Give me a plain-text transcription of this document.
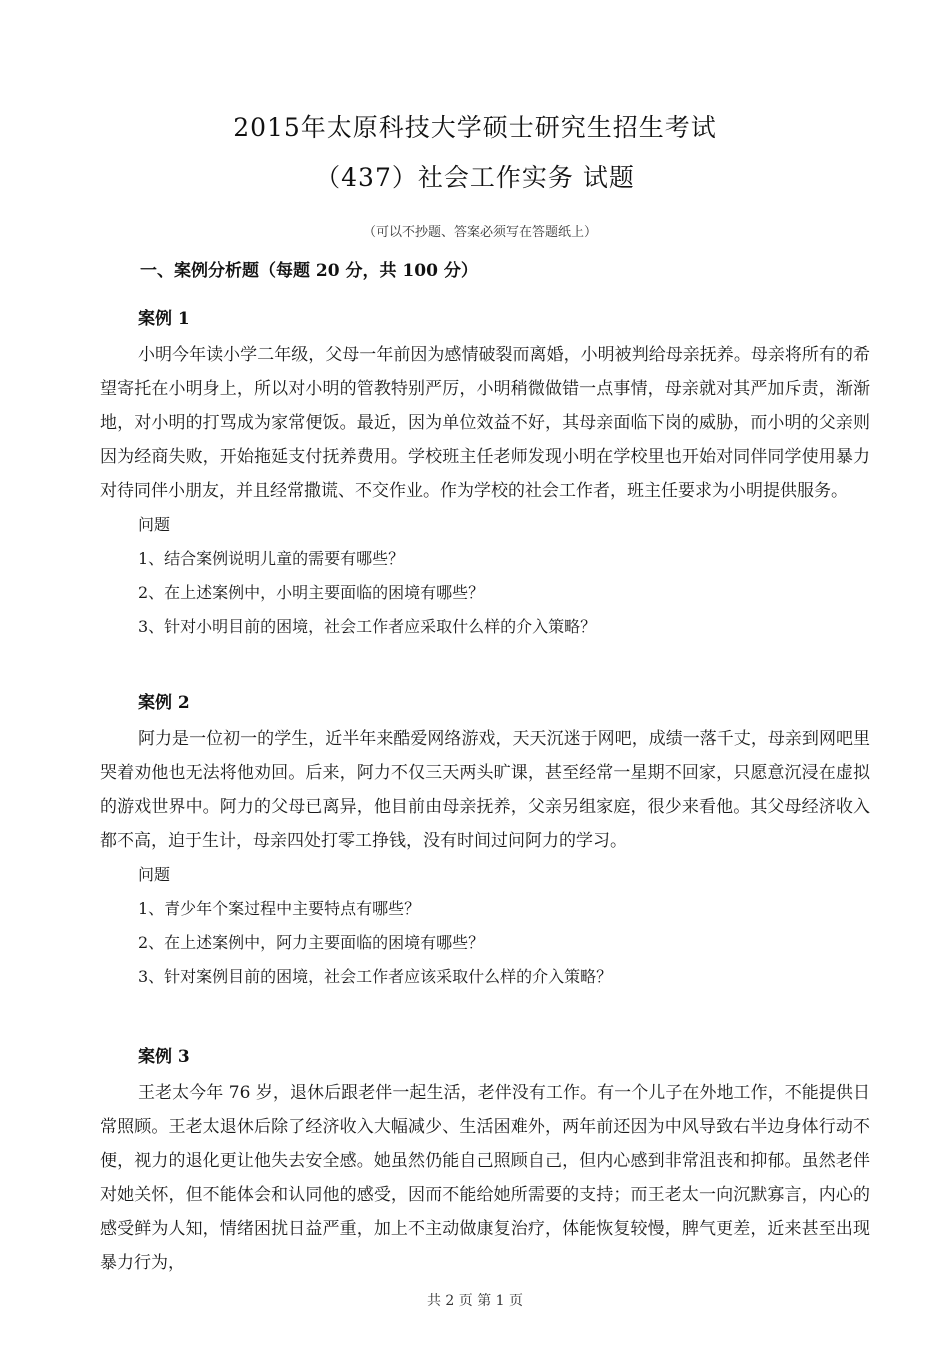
2015年太原科技大学硕士研究生招生考试
（437）社会工作实务 试题
（可以不抄题、答案必须写在答题纸上）
一、案例分析题（每题 20 分，共 100 分）
案例 1

小明今年读小学二年级，父母一年前因为感情破裂而离婚，小明被判给母亲抚养。母亲将所有的希望寄托在小明身上，所以对小明的管教特别严厉，小明稍微做错一点事情，母亲就对其严加斥责，渐渐地，对小明的打骂成为家常便饭。最近，因为单位效益不好，其母亲面临下岗的威胁，而小明的父亲则因为经商失败，开始拖延支付抚养费用。学校班主任老师发现小明在学校里也开始对同伴同学使用暴力对待同伴小朋友，并且经常撒谎、不交作业。作为学校的社会工作者，班主任要求为小明提供服务。

问题

1、结合案例说明儿童的需要有哪些？

2、在上述案例中，小明主要面临的困境有哪些？

3、针对小明目前的困境，社会工作者应采取什么样的介入策略？

案例 2

阿力是一位初一的学生，近半年来酷爱网络游戏，天天沉迷于网吧，成绩一落千丈，母亲到网吧里哭着劝他也无法将他劝回。后来，阿力不仅三天两头旷课，甚至经常一星期不回家，只愿意沉浸在虚拟的游戏世界中。阿力的父母已离异，他目前由母亲抚养，父亲另组家庭，很少来看他。其父母经济收入都不高，迫于生计，母亲四处打零工挣钱，没有时间过问阿力的学习。

问题

1、青少年个案过程中主要特点有哪些？

2、在上述案例中，阿力主要面临的困境有哪些？

3、针对案例目前的困境，社会工作者应该采取什么样的介入策略？

案例 3

王老太今年 76 岁，退休后跟老伴一起生活，老伴没有工作。有一个儿子在外地工作，不能提供日常照顾。王老太退休后除了经济收入大幅减少、生活困难外，两年前还因为中风导致右半边身体行动不便，视力的退化更让他失去安全感。她虽然仍能自己照顾自己，但内心感到非常沮丧和抑郁。虽然老伴对她关怀，但不能体会和认同他的感受，因而不能给她所需要的支持；而王老太一向沉默寡言，内心的感受鲜为人知，情绪困扰日益严重，加上不主动做康复治疗，体能恢复较慢，脾气更差，近来甚至出现暴力行为，

共 2 页 第 1 页
